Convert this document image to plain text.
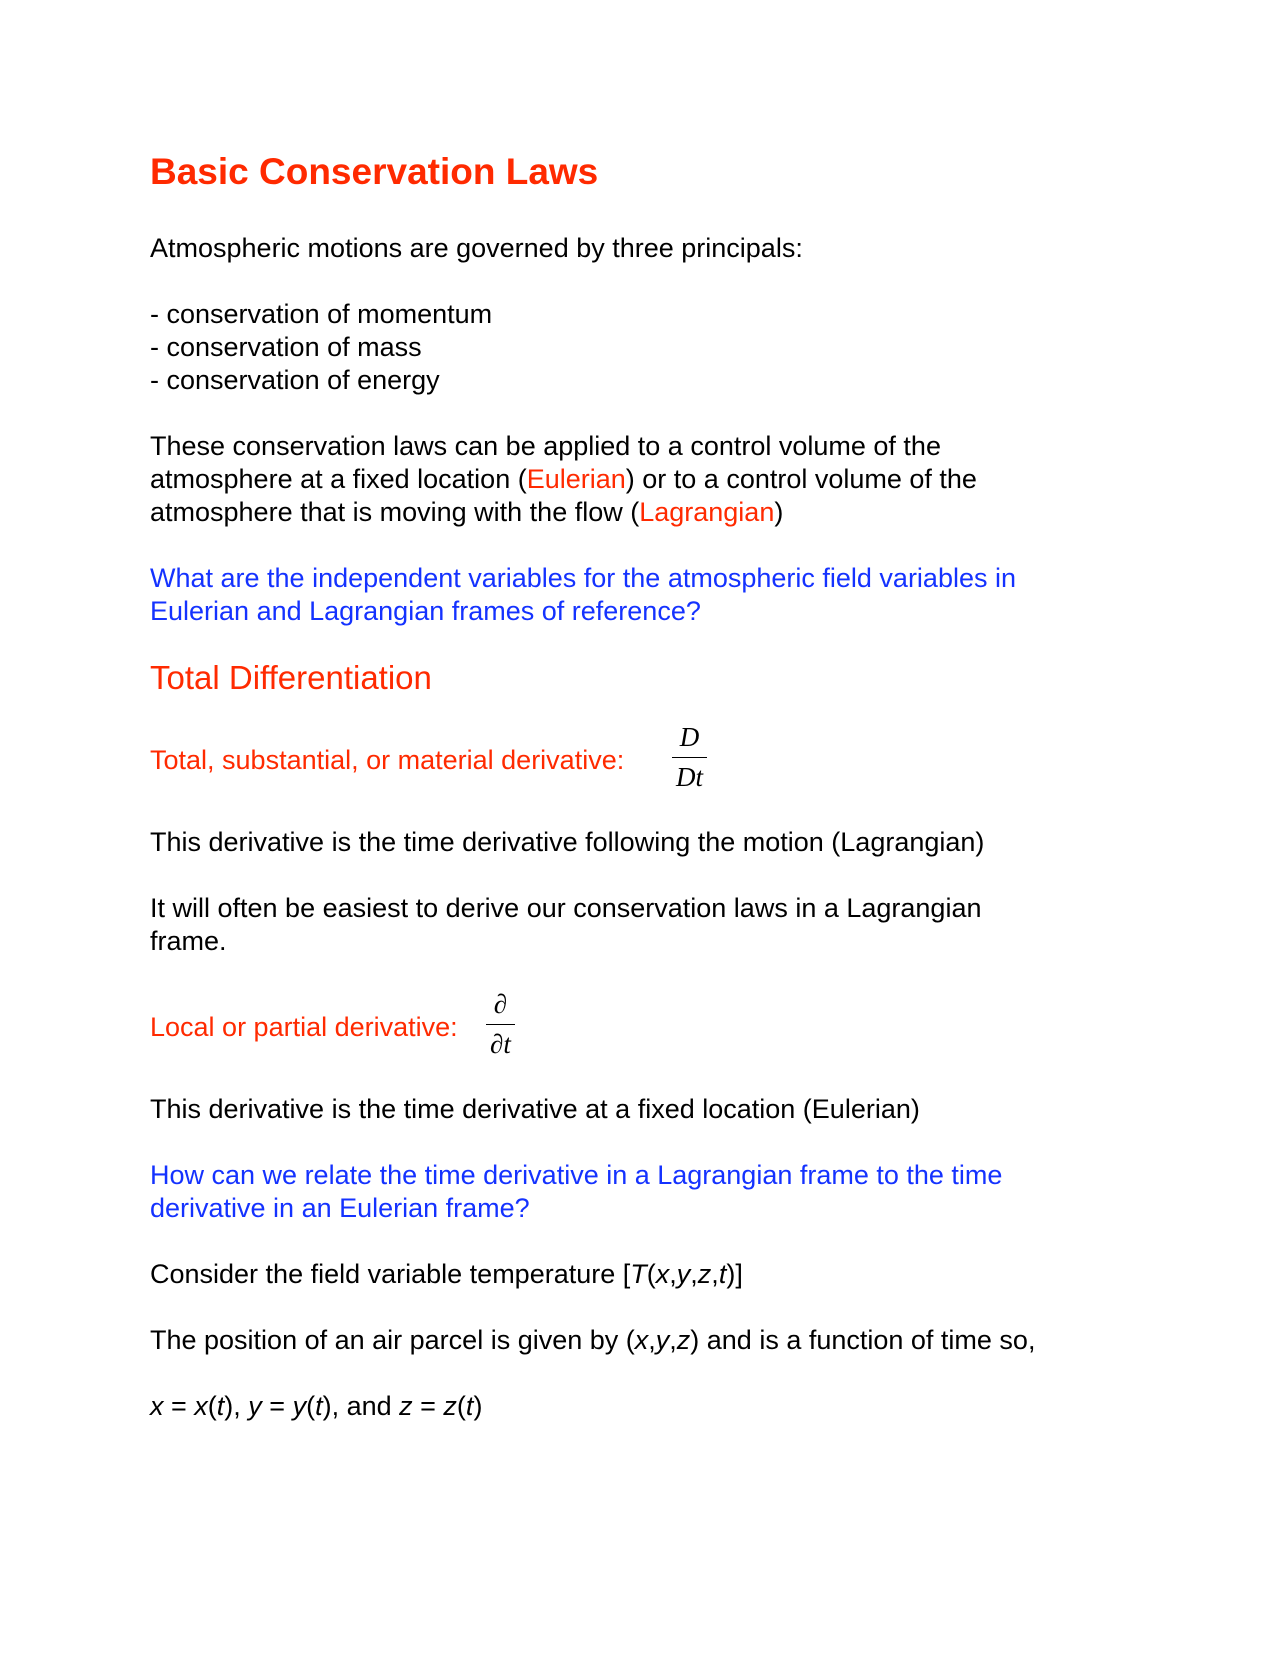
Basic Conservation Laws

Atmospheric motions are governed by three principals:

- conservation of momentum

- conservation of mass

- conservation of energy

These conservation laws can be applied to a control volume of the

atmosphere at a fixed location (Eulerian) or to a control volume of the

atmosphere that is moving with the flow (Lagrangian)

What are the independent variables for the atmospheric field variables in

Eulerian and Lagrangian frames of reference?

Total Differentiation

Total, substantial, or material derivative:

D
Dt

This derivative is the time derivative following the motion (Lagrangian)

It will often be easiest to derive our conservation laws in a Lagrangian

frame.

Local or partial derivative:

∂
∂t

This derivative is the time derivative at a fixed location (Eulerian)

How can we relate the time derivative in a Lagrangian frame to the time

derivative in an Eulerian frame?

Consider the field variable temperature [T(x,y,z,t)]

The position of an air parcel is given by (x,y,z) and is a function of time so,

x = x(t), y = y(t), and z = z(t)
